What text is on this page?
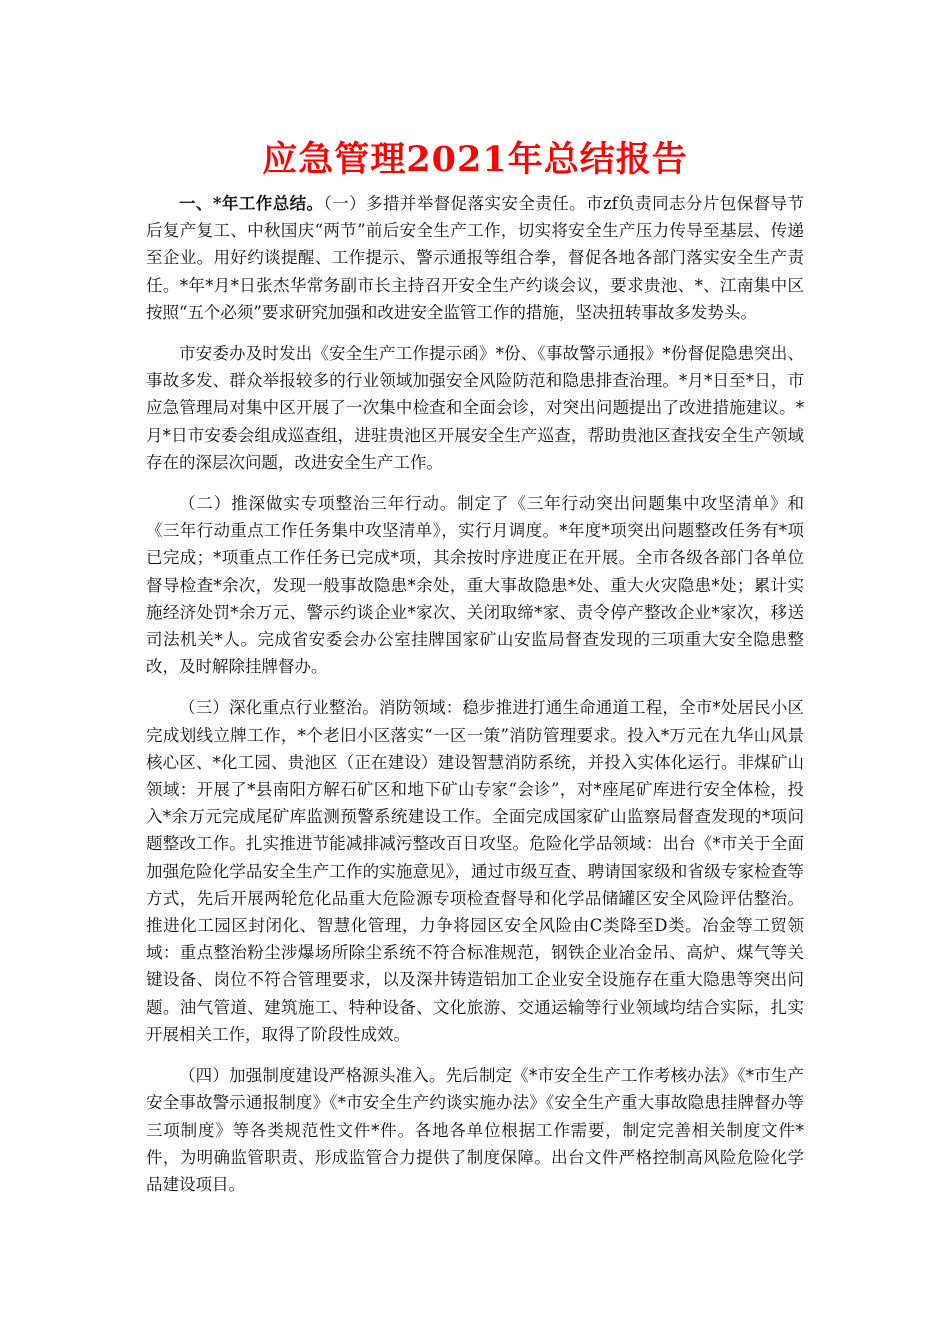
应急管理2021年总结报告

一、*年工作总结。（一）多措并举督促落实安全责任。市zf负责同志分片包保督导节后复产复工、中秋国庆“两节”前后安全生产工作，切实将安全生产压力传导至基层、传递至企业。用好约谈提醒、工作提示、警示通报等组合拳，督促各地各部门落实安全生产责任。*年*月*日张杰华常务副市长主持召开安全生产约谈会议，要求贵池、*、江南集中区按照“五个必须”要求研究加强和改进安全监管工作的措施，坚决扭转事故多发势头。

市安委办及时发出《安全生产工作提示函》*份、《事故警示通报》*份督促隐患突出、事故多发、群众举报较多的行业领域加强安全风险防范和隐患排查治理。*月*日至*日，市应急管理局对集中区开展了一次集中检查和全面会诊，对突出问题提出了改进措施建议。*月*日市安委会组成巡查组，进驻贵池区开展安全生产巡查，帮助贵池区查找安全生产领域存在的深层次问题，改进安全生产工作。

（二）推深做实专项整治三年行动。制定了《三年行动突出问题集中攻坚清单》和《三年行动重点工作任务集中攻坚清单》，实行月调度。*年度*项突出问题整改任务有*项已完成；*项重点工作任务已完成*项，其余按时序进度正在开展。全市各级各部门各单位督导检查*余次，发现一般事故隐患*余处，重大事故隐患*处、重大火灾隐患*处；累计实施经济处罚*余万元、警示约谈企业*家次、关闭取缔*家、责令停产整改企业*家次，移送司法机关*人。完成省安委会办公室挂牌国家矿山安监局督查发现的三项重大安全隐患整改，及时解除挂牌督办。

（三）深化重点行业整治。消防领域：稳步推进打通生命通道工程，全市*处居民小区完成划线立牌工作，*个老旧小区落实“一区一策”消防管理要求。投入*万元在九华山风景核心区、*化工园、贵池区（正在建设）建设智慧消防系统，并投入实体化运行。非煤矿山领域：开展了*县南阳方解石矿区和地下矿山专家“会诊”，对*座尾矿库进行安全体检，投入*余万元完成尾矿库监测预警系统建设工作。全面完成国家矿山监察局督查发现的*项问题整改工作。扎实推进节能减排减污整改百日攻坚。危险化学品领域：出台《*市关于全面加强危险化学品安全生产工作的实施意见》，通过市级互查、聘请国家级和省级专家检查等方式，先后开展两轮危化品重大危险源专项检查督导和化学品储罐区安全风险评估整治。推进化工园区封闭化、智慧化管理，力争将园区安全风险由C类降至D类。冶金等工贸领域：重点整治粉尘涉爆场所除尘系统不符合标准规范，钢铁企业冶金吊、高炉、煤气等关键设备、岗位不符合管理要求，以及深井铸造铝加工企业安全设施存在重大隐患等突出问题。油气管道、建筑施工、特种设备、文化旅游、交通运输等行业领域均结合实际，扎实开展相关工作，取得了阶段性成效。

（四）加强制度建设严格源头准入。先后制定《*市安全生产工作考核办法》《*市生产安全事故警示通报制度》《*市安全生产约谈实施办法》《安全生产重大事故隐患挂牌督办等三项制度》等各类规范性文件*件。各地各单位根据工作需要，制定完善相关制度文件*件，为明确监管职责、形成监管合力提供了制度保障。出台文件严格控制高风险危险化学品建设项目。
